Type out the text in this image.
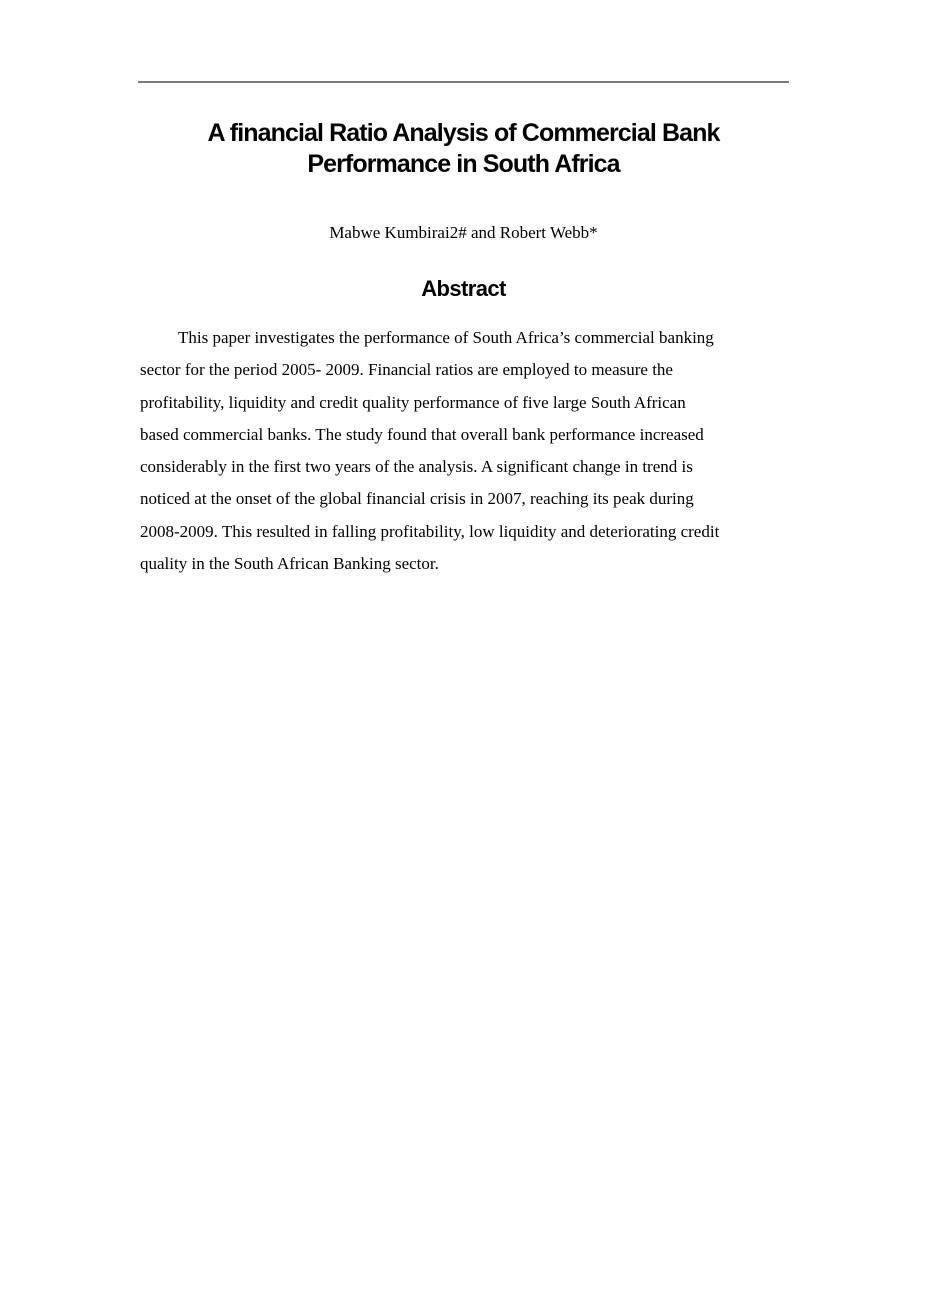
A financial Ratio Analysis of Commercial Bank
Performance in South Africa

Mabwe Kumbirai2# and Robert Webb*

Abstract

This paper investigates the performance of South Africa’s commercial banking
sector for the period 2005- 2009. Financial ratios are employed to measure the
profitability, liquidity and credit quality performance of five large South African
based commercial banks. The study found that overall bank performance increased
considerably in the first two years of the analysis. A significant change in trend is
noticed at the onset of the global financial crisis in 2007, reaching its peak during
2008-2009. This resulted in falling profitability, low liquidity and deteriorating credit
quality in the South African Banking sector.
